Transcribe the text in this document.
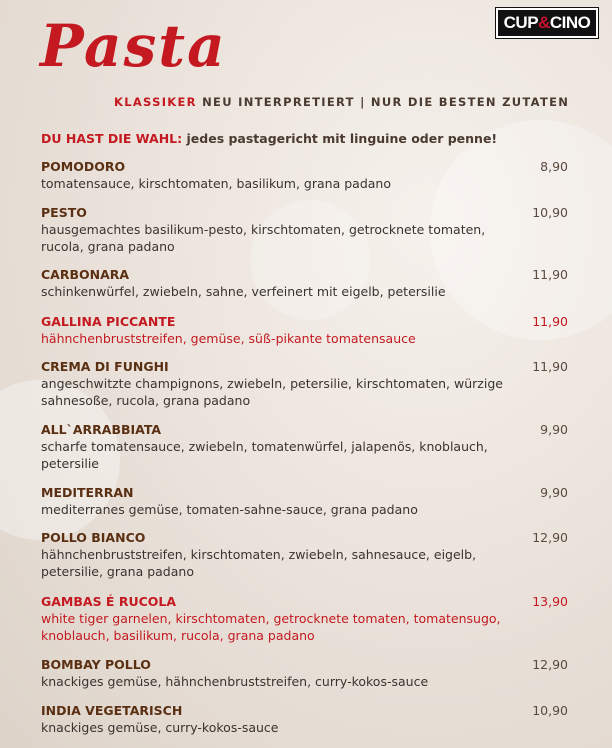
CUP & CINO
Pasta
KLASSIKER NEU INTERPRETIERT | NUR DIE BESTEN ZUTATEN
DU HAST DIE WAHL: jedes pastagericht mit linguine oder penne!
POMODORO
tomatensauce, kirschtomaten, basilikum, grana padano
8,90
PESTO
hausgemachtes basilikum-pesto, kirschtomaten, getrocknete tomaten, rucola, grana padano
10,90
CARBONARA
schinkenwürfel, zwiebeln, sahne, verfeinert mit eigelb, petersilie
11,90
GALLINA PICCANTE
hähnchenbruststreifen, gemüse, süß-pikante tomatensauce
11,90
CREMA DI FUNGHI
angeschwitzte champignons, zwiebeln, petersilie, kirschtomaten, würzige sahnesoße, rucola, grana padano
11,90
ALL`ARRABBIATA
scharfe tomatensauce, zwiebeln, tomatenwürfel, jalapenõs, knoblauch, petersilie
9,90
MEDITERRAN
mediterranes gemüse, tomaten-sahne-sauce, grana padano
9,90
POLLO BIANCO
hähnchenbruststreifen, kirschtomaten, zwiebeln, sahnesauce, eigelb, petersilie, grana padano
12,90
GAMBAS É RUCOLA
white tiger garnelen, kirschtomaten, getrocknete tomaten, tomatensugo, knoblauch, basilikum, rucola, grana padano
13,90
BOMBAY POLLO
knackiges gemüse, hähnchenbruststreifen, curry-kokos-sauce
12,90
INDIA VEGETARISCH
knackiges gemüse, curry-kokos-sauce
10,90
